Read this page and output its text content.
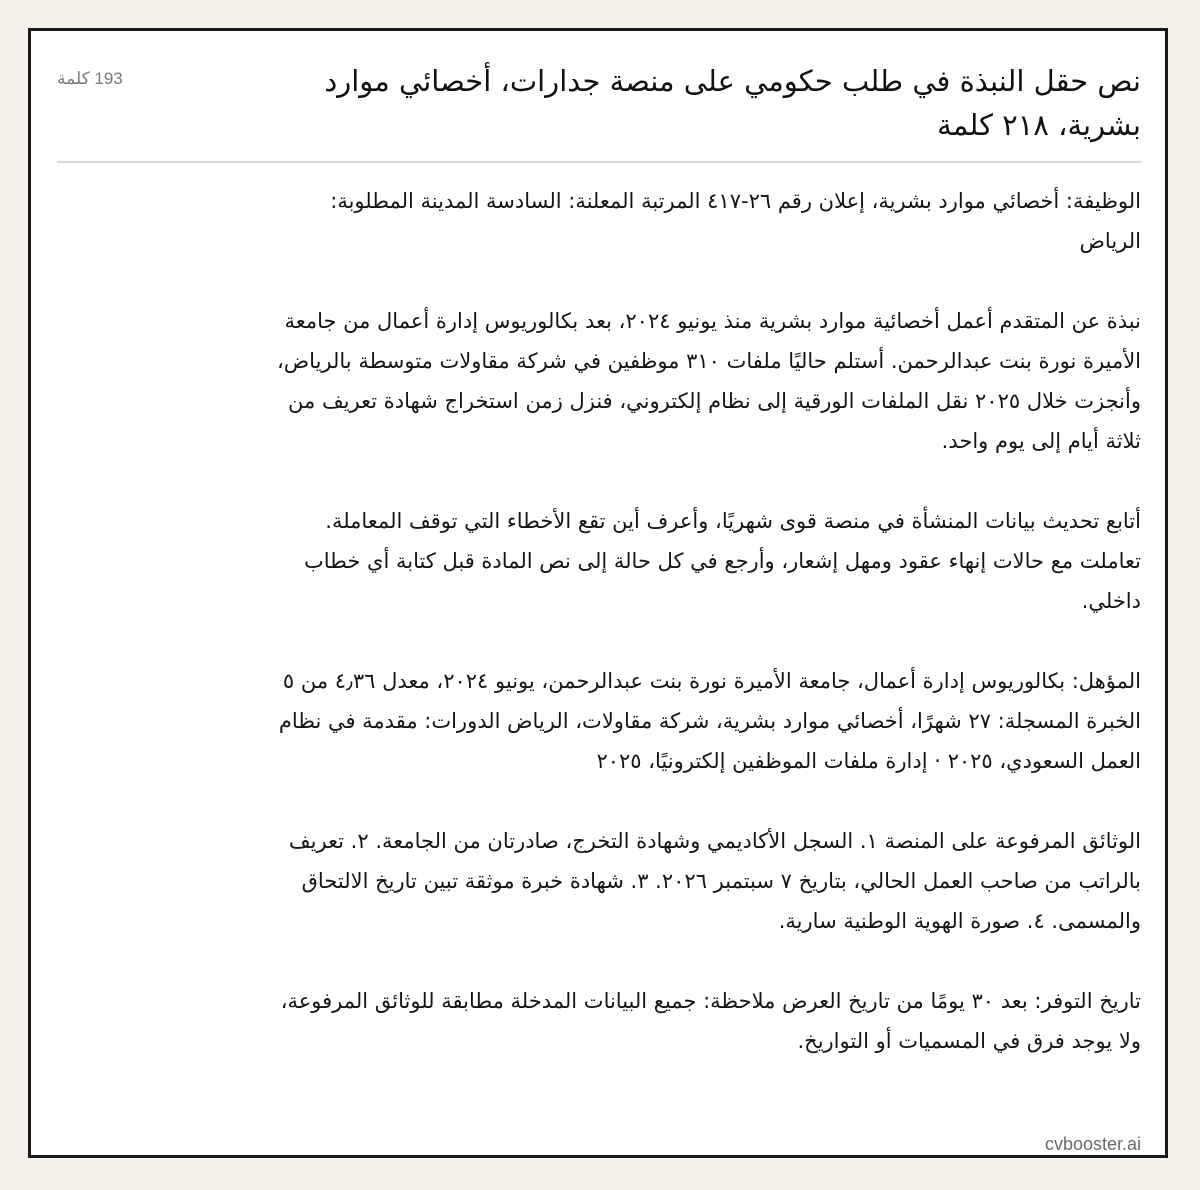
نص حقل النبذة في طلب حكومي على منصة جدارات، أخصائي موارد بشرية، ٢١٨ كلمة
193 كلمة

الوظيفة: أخصائي موارد بشرية، إعلان رقم ٢٦-٤١٧ المرتبة المعلنة: السادسة المدينة المطلوبة: الرياض

نبذة عن المتقدم أعمل أخصائية موارد بشرية منذ يونيو ٢٠٢٤، بعد بكالوريوس إدارة أعمال من جامعة الأميرة نورة بنت عبدالرحمن. أستلم حاليًا ملفات ٣١٠ موظفين في شركة مقاولات متوسطة بالرياض، وأنجزت خلال ٢٠٢٥ نقل الملفات الورقية إلى نظام إلكتروني، فنزل زمن استخراج شهادة تعريف من ثلاثة أيام إلى يوم واحد.

أتابع تحديث بيانات المنشأة في منصة قوى شهريًا، وأعرف أين تقع الأخطاء التي توقف المعاملة. تعاملت مع حالات إنهاء عقود ومهل إشعار، وأرجع في كل حالة إلى نص المادة قبل كتابة أي خطاب داخلي.

المؤهل: بكالوريوس إدارة أعمال، جامعة الأميرة نورة بنت عبدالرحمن، يونيو ٢٠٢٤، معدل ٤٫٣٦ من ٥ الخبرة المسجلة: ٢٧ شهرًا، أخصائي موارد بشرية، شركة مقاولات، الرياض الدورات: مقدمة في نظام العمل السعودي، ٢٠٢٥ · إدارة ملفات الموظفين إلكترونيًا، ٢٠٢٥

الوثائق المرفوعة على المنصة ١. السجل الأكاديمي وشهادة التخرج، صادرتان من الجامعة. ٢. تعريف بالراتب من صاحب العمل الحالي، بتاريخ ٧ سبتمبر ٢٠٢٦. ٣. شهادة خبرة موثقة تبين تاريخ الالتحاق والمسمى. ٤. صورة الهوية الوطنية سارية.

تاريخ التوفر: بعد ٣٠ يومًا من تاريخ العرض ملاحظة: جميع البيانات المدخلة مطابقة للوثائق المرفوعة، ولا يوجد فرق في المسميات أو التواريخ.

cvbooster.ai
